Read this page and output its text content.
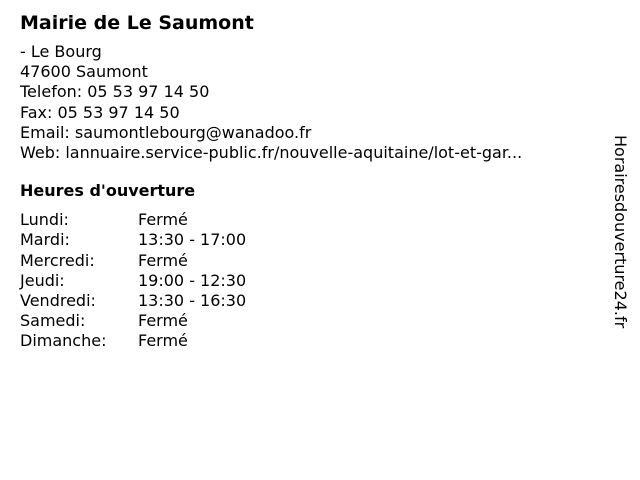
Mairie de Le Saumont
- Le Bourg
47600 Saumont
Telefon: 05 53 97 14 50
Fax: 05 53 97 14 50
Email: saumontlebourg@wanadoo.fr
Web: lannuaire.service-public.fr/nouvelle-aquitaine/lot-et-gar...
Heures d'ouverture
Lundi:	Fermé
Mardi:	13:30 - 17:00
Mercredi:	Fermé
Jeudi:	19:00 - 12:30
Vendredi:	13:30 - 16:30
Samedi:	Fermé
Dimanche:	Fermé
Horairesdouverture24.fr
